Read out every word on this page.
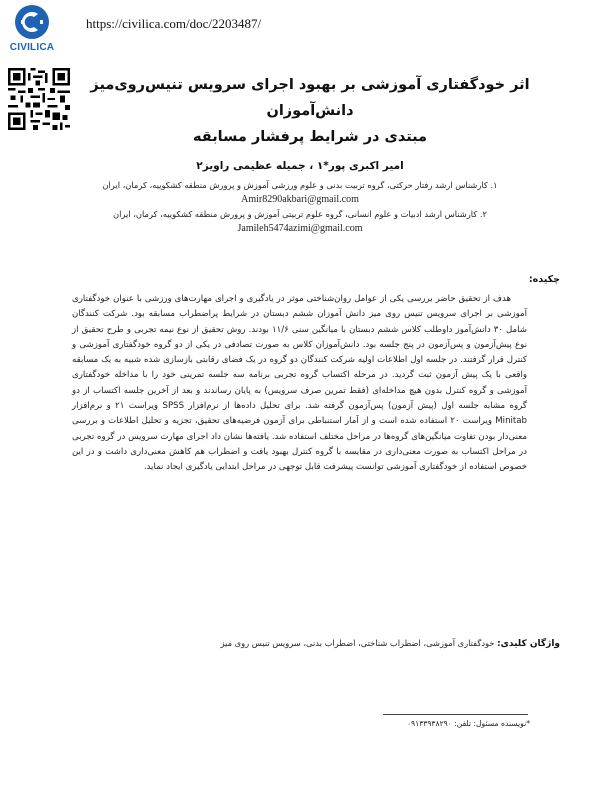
CIVILICA
https://civilica.com/doc/2203487/
اثر خودگفتاری آموزشی بر بهبود اجرای سرویس تنیس‌روی‌میز دانش‌آموزان
مبتدی در شرایط پرفشار مسابقه
امیر اکبری پور*۱ ، جمیله عظیمی راویز۲
۱. کارشناس ارشد رفتار حرکتی، گروه تربیت بدنی و علوم ورزشی آموزش و پرورش منطقه کشکوییه، کرمان، ایران
Amir8290akbari@gmail.com
۲. کارشناس ارشد ادبیات و علوم انسانی، گروه علوم تربیتی آموزش و پرورش منطقه کشکوییه، کرمان، ایران
Jamileh5474azimi@gmail.com
چکیده:
هدف از تحقیق حاضر بررسی یکی از عوامل روان‌شناختی موثر در یادگیری و اجرای مهارت‌های ورزشی با عنوان خودگفتاری آموزشی بر اجرای سرویس تنیس روی میز دانش آموزان ششم دبستان در شرایط پراضطراب مسابقه بود. شرکت کنندگان شامل ۳۰ دانش‌آموز داوطلب کلاس ششم دبستان با میانگین سنی ۱۱/۶ بودند. روش تحقیق از نوع نیمه تجربی و طرح تحقیق از نوع پیش‌آزمون و پس‌آزمون در پنج جلسه بود. دانش‌آموزان کلاس به صورت تصادفی در یکی از دو گروه خودگفتاری آموزشی و کنترل قرار گرفتند. در جلسه اول اطلاعات اولیه شرکت کنندگان دو گروه در یک فضای رقابتی بازسازی شده شبیه به یک مسابقه واقعی با یک پیش آزمون ثبت گردید. در مرحله اکتساب گروه تجربی برنامه سه جلسه تمرینی خود را با مداخله خودگفتاری آموزشی و گروه کنترل بدون هیچ مداخله‌ای (فقط تمرین صرف سرویس) به پایان رساندند و بعد از آخرین جلسه اکتساب از دو گروه مشابه جلسه اول (پیش آزمون) پس‌آزمون گرفته شد. برای تحلیل داده‌ها از نرم‌افزار SPSS ویراست ۲۱ و نرم‌افزار Minitab ویراست ۲۰ استفاده شده است و از آمار استنباطی برای آزمون فرضیه‌های تحقیق، تجزیه و تحلیل اطلاعات و بررسی معنی‌دار بودن تفاوت میانگین‌های گروه‌ها در مراحل مختلف استفاده شد. یافته‌ها نشان داد اجرای مهارت سرویس در گروه تجربی در مراحل اکتساب به صورت معنی‌داری در مقایسه با گروه کنترل بهبود یافت و اضطراب هم کاهش معنی‌داری داشت و در این خصوص استفاده از خودگفتاری آموزشی توانست پیشرفت قابل توجهی در مراحل ابتدایی یادگیری ایجاد نماید.
واژگان کلیدی: خودگفتاری آموزشی، اضطراب شناختی، اضطراب بدنی، سرویس تنیس روی میز
*نویسنده مسئول: تلفن: ۰۹۱۳۳۹۳۸۲۹۰
